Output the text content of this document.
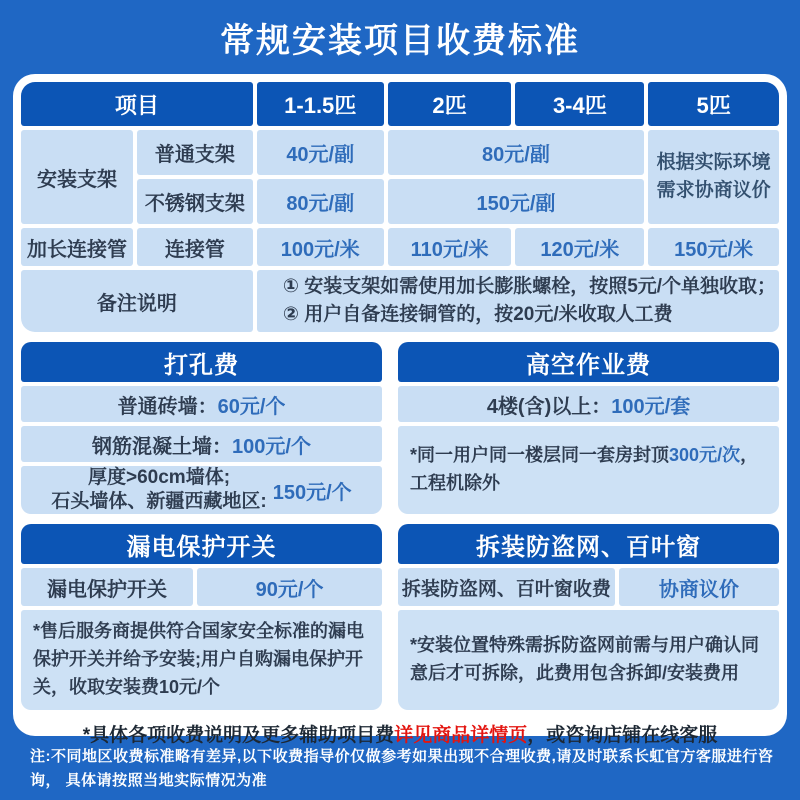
常规安装项目收费标准
项目	1-1.5匹	2匹	3-4匹	5匹
安装支架
普通支架	40元/副	80元/副	根据实际环境需求协商议价
不锈钢支架	80元/副	150元/副
加长连接管	连接管	100元/米	110元/米	120元/米	150元/米
备注说明
① 安装支架如需使用加长膨胀螺栓，按照5元/个单独收取；
② 用户自备连接铜管的，按20元/米收取人工费
打孔费
普通砖墙： 60元/个
钢筋混凝土墙： 100元/个
厚度>60cm墙体;
石头墙体、新疆西藏地区: 150元/个
高空作业费
4楼(含)以上： 100元/套
*同一用户同一楼层同一套房封顶300元/次，
工程机除外
漏电保护开关
漏电保护开关	90元/个
*售后服务商提供符合国家安全标准的漏电保护开关并给予安装;用户自购漏电保护开关，收取安装费10元/个
拆装防盗网、百叶窗
拆装防盗网、百叶窗收费	协商议价
*安装位置特殊需拆防盗网前需与用户确认同意后才可拆除，此费用包含拆卸/安装费用
*具体各项收费说明及更多辅助项目费详见商品详情页，或咨询店铺在线客服
注:不同地区收费标准略有差异,以下收费指导价仅做参考如果出现不合理收费,请及时联系长虹官方客服进行咨询， 具体请按照当地实际情况为准
